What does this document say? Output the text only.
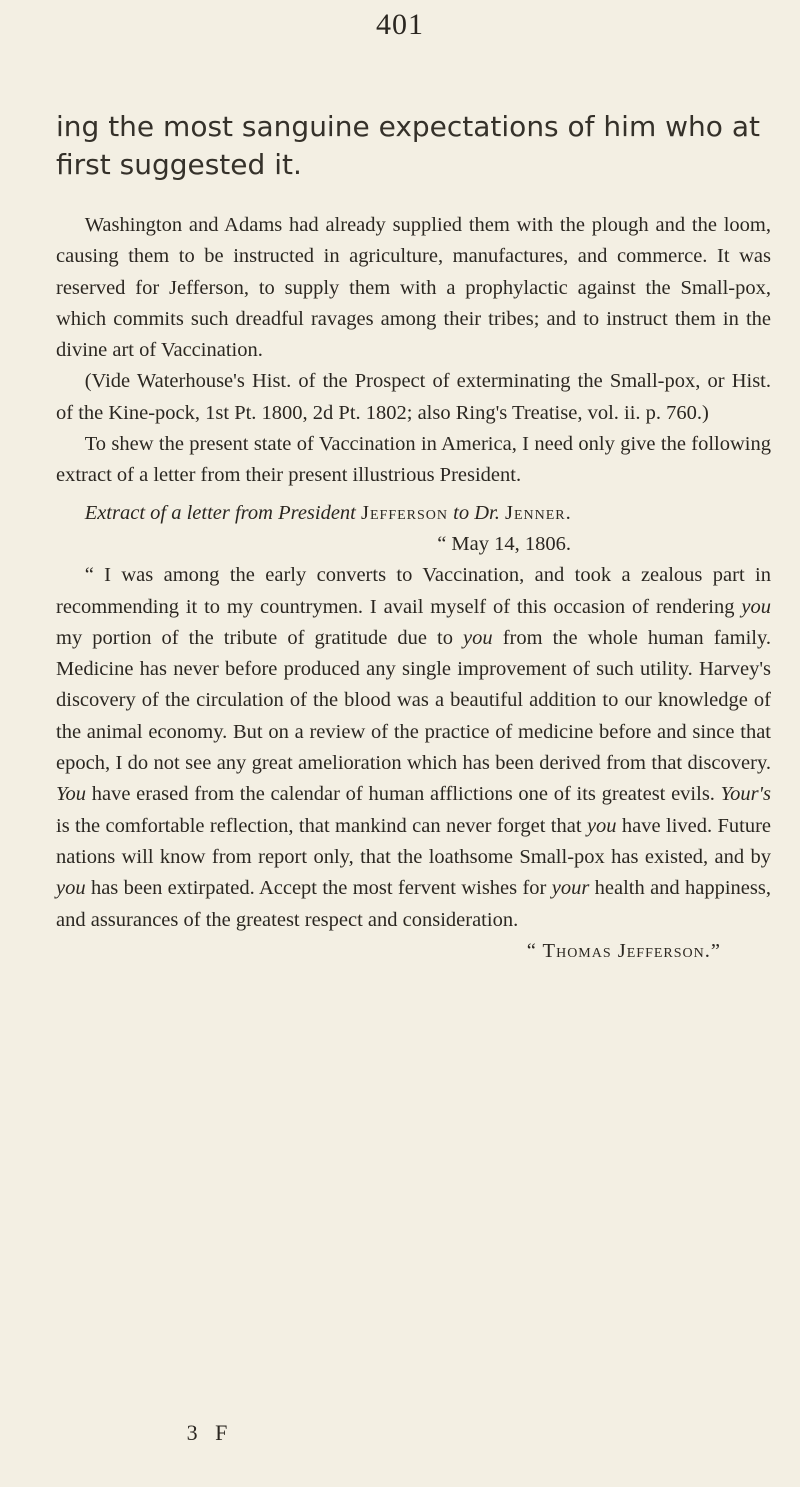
401
ing the most sanguine expectations of him who at first suggested it.

Washington and Adams had already supplied them with the plough and the loom, causing them to be instructed in agriculture, manufactures, and commerce. It was reserved for Jefferson, to supply them with a prophylactic against the Small-pox, which commits such dreadful ravages among their tribes; and to instruct them in the divine art of Vaccination.

(Vide Waterhouse's Hist. of the Prospect of exterminating the Small-pox, or Hist. of the Kine-pock, 1st Pt. 1800, 2d Pt. 1802; also Ring's Treatise, vol. ii. p. 760.)

To shew the present state of Vaccination in America, I need only give the following extract of a letter from their present illustrious President.

Extract of a letter from President Jefferson to Dr. Jenner.

“ May 14, 1806.

“ I was among the early converts to Vaccination, and took a zealous part in recommending it to my countrymen. I avail myself of this occasion of rendering you my portion of the tribute of gratitude due to you from the whole human family. Medicine has never before produced any single improvement of such utility. Harvey's discovery of the circulation of the blood was a beautiful addition to our knowledge of the animal economy. But on a review of the practice of medicine before and since that epoch, I do not see any great amelioration which has been derived from that discovery. You have erased from the calendar of human afflictions one of its greatest evils. Your's is the comfortable reflection, that mankind can never forget that you have lived. Future nations will know from report only, that the loathsome Small-pox has existed, and by you has been extirpated. Accept the most fervent wishes for your health and happiness, and assurances of the greatest respect and consideration.

“ Thomas Jefferson.”
3 F
